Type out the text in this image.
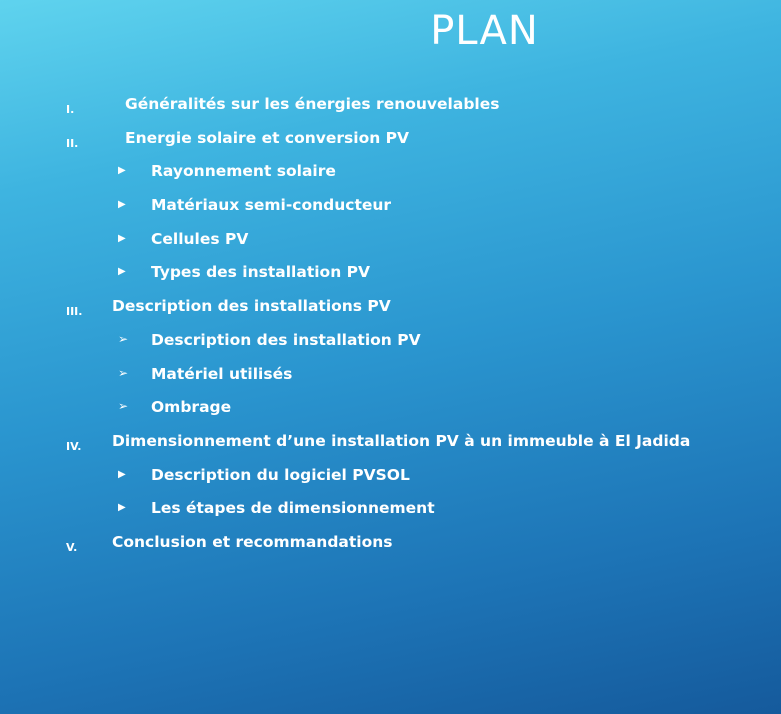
PLAN
I.	Généralités sur les énergies renouvelables
II.	Energie solaire et conversion PV
▶ Rayonnement solaire
▶ Matériaux semi-conducteur
▶ Cellules PV
▶ Types des installation PV
III. Description des installations PV
➢ Description des installation PV
➢ Matériel utilisés
➢ Ombrage
IV. Dimensionnement d’une installation PV à un immeuble à El Jadida
▶ Description du logiciel PVSOL
▶ Les étapes de dimensionnement
V. Conclusion et recommandations
